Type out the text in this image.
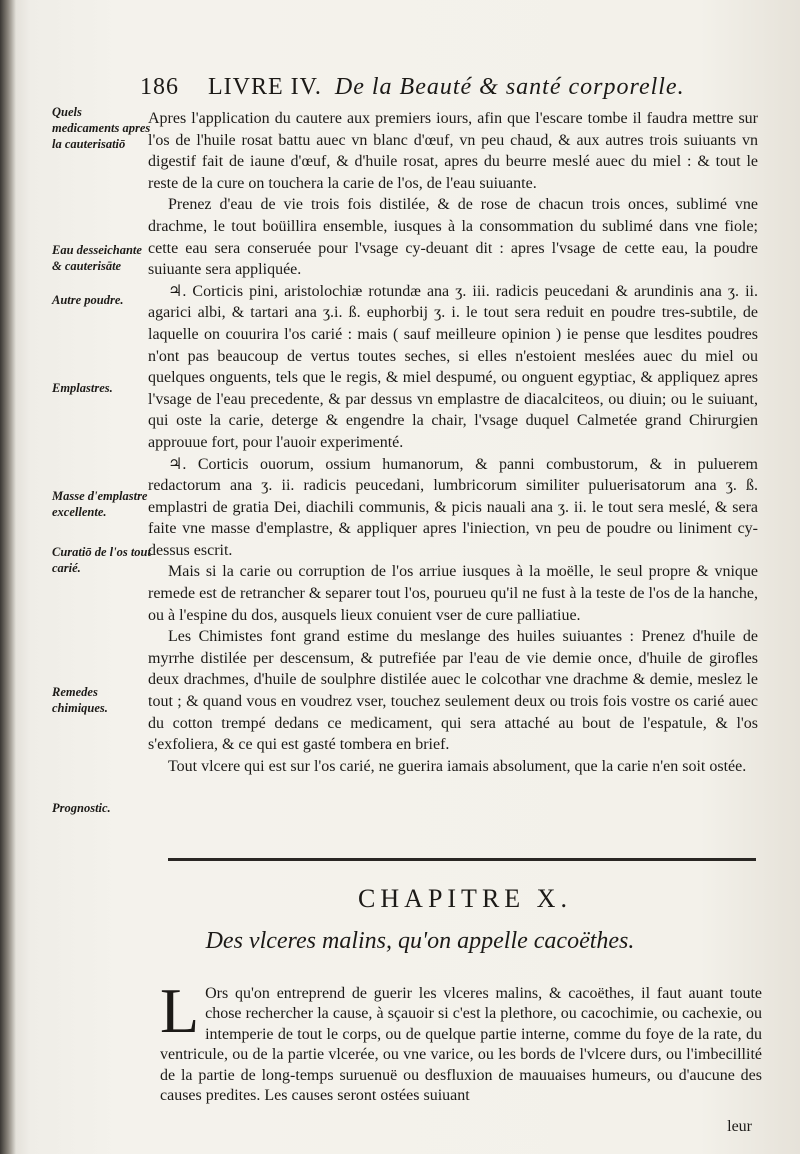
186 LIVRE IV. De la Beauté & santé corporelle.
Quels medicaments apres la cauterisatiō
Eau desseichante & cauterisāte
Autre poudre.
Emplastres.
Masse d'emplastre excellente.
Curatiō de l'os tout carié.
Remedes chimiques.
Prognostic.

Apres l'application du cautere aux premiers iours, afin que l'escare tombe il faudra mettre sur l'os de l'huile rosat battu auec vn blanc d'œuf, vn peu chaud, & aux autres trois suiuants vn digestif fait de iaune d'œuf, & d'huile rosat, apres du beurre meslé auec du miel : & tout le reste de la cure on touchera la carie de l'os, de l'eau suiuante.

Prenez d'eau de vie trois fois distilée, & de rose de chacun trois onces, sublimé vne drachme, le tout boüillira ensemble, iusques à la consommation du sublimé dans vne fiole; cette eau sera conseruée pour l'vsage cy-deuant dit : apres l'vsage de cette eau, la poudre suiuante sera appliquée.

♃. Corticis pini, aristolochiæ rotundæ ana ʒ. iii. radicis peucedani & arundinis ana ʒ. ii. agarici albi, & tartari ana ʒ.i. ß. euphorbij ʒ. i. le tout sera reduit en poudre tres-subtile, de laquelle on couurira l'os carié : mais ( sauf meilleure opinion ) ie pense que lesdites poudres n'ont pas beaucoup de vertus toutes seches, si elles n'estoient meslées auec du miel ou quelques onguents, tels que le regis, & miel despumé, ou onguent egyptiac, & appliquez apres l'vsage de l'eau precedente, & par dessus vn emplastre de diacalciteos, ou diuin; ou le suiuant, qui oste la carie, deterge & engendre la chair, l'vsage duquel Calmetée grand Chirurgien approuue fort, pour l'auoir experimenté.

♃. Corticis ouorum, ossium humanorum, & panni combustorum, & in puluerem redactorum ana ʒ. ii. radicis peucedani, lumbricorum similiter puluerisatorum ana ʒ. ß. emplastri de gratia Dei, diachili communis, & picis nauali ana ʒ. ii. le tout sera meslé, & sera faite vne masse d'emplastre, & appliquer apres l'iniection, vn peu de poudre ou liniment cy-dessus escrit.

Mais si la carie ou corruption de l'os arriue iusques à la moëlle, le seul propre & vnique remede est de retrancher & separer tout l'os, pourueu qu'il ne fust à la teste de l'os de la hanche, ou à l'espine du dos, ausquels lieux conuient vser de cure palliatiue.

Les Chimistes font grand estime du meslange des huiles suiuantes : Prenez d'huile de myrrhe distilée per descensum, & putrefiée par l'eau de vie demie once, d'huile de girofles deux drachmes, d'huile de soulphre distilée auec le colcothar vne drachme & demie, meslez le tout ; & quand vous en voudrez vser, touchez seulement deux ou trois fois vostre os carié auec du cotton trempé dedans ce medicament, qui sera attaché au bout de l'espatule, & l'os s'exfoliera, & ce qui est gasté tombera en brief.

Tout vlcere qui est sur l'os carié, ne guerira iamais absolument, que la carie n'en soit ostée.

CHAPITRE X.
Des vlceres malins, qu'on appelle cacoëthes.
L Ors qu'on entreprend de guerir les vlceres malins, & cacoëthes, il faut auant toute chose rechercher la cause, à sçauoir si c'est la plethore, ou cacochimie, ou cachexie, ou intemperie de tout le corps, ou de quelque partie interne, comme du foye de la rate, du ventricule, ou de la partie vlcerée, ou vne varice, ou les bords de l'vlcere durs, ou l'imbecillité de la partie de long-temps suruenuë ou desfluxion de mauuaises humeurs, ou d'aucune des causes predites. Les causes seront ostées suiuant
leur
